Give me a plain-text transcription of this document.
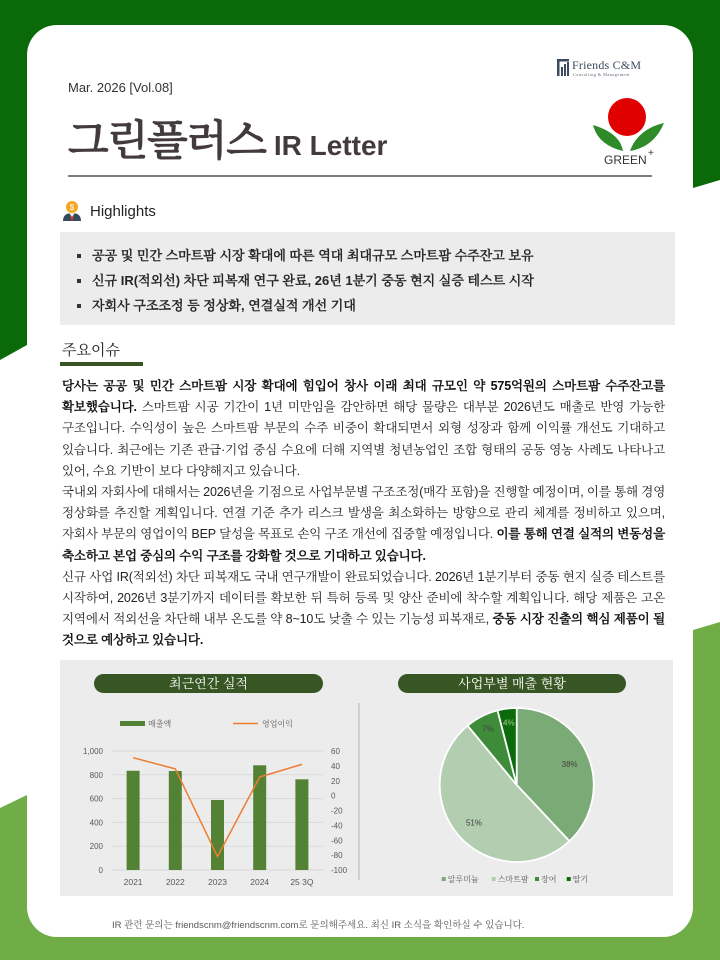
Mar. 2026 [Vol.08]
그린플러스 IR Letter
Friends C&M
Consulting & Management
GREEN +
$ Highlights
공공 및 민간 스마트팜 시장 확대에 따른 역대 최대규모 스마트팜 수주잔고 보유
신규 IR(적외선) 차단 피복재 연구 완료, 26년 1분기 중동 현지 실증 테스트 시작
자회사 구조조정 등 정상화, 연결실적 개선 기대
주요이슈
당사는 공공 및 민간 스마트팜 시장 확대에 힘입어 창사 이래 최대 규모인 약 575억원의 스마트팜 수주잔고를
확보했습니다. 스마트팜 시공 기간이 1년 미만임을 감안하면 해당 물량은 대부분 2026년도 매출로 반영 가능한
구조입니다. 수익성이 높은 스마트팜 부문의 수주 비중이 확대되면서 외형 성장과 함께 이익률 개선도 기대하고
있습니다. 최근에는 기존 관급·기업 중심 수요에 더해 지역별 청년농업인 조합 형태의 공동 영농 사례도 나타나고
있어, 수요 기반이 보다 다양해지고 있습니다.
국내외 자회사에 대해서는 2026년을 기점으로 사업부문별 구조조정(매각 포함)을 진행할 예정이며, 이를 통해 경영
정상화를 추진할 계획입니다. 연결 기준 추가 리스크 발생을 최소화하는 방향으로 관리 체계를 정비하고 있으며,
자회사 부문의 영업이익 BEP 달성을 목표로 손익 구조 개선에 집중할 예정입니다. 이를 통해 연결 실적의 변동성을
축소하고 본업 중심의 수익 구조를 강화할 것으로 기대하고 있습니다.
신규 사업 IR(적외선) 차단 피복재도 국내 연구개발이 완료되었습니다. 2026년 1분기부터 중동 현지 실증 테스트를
시작하여, 2026년 3분기까지 데이터를 확보한 뒤 특허 등록 및 양산 준비에 착수할 계획입니다. 해당 제품은 고온
지역에서 적외선을 차단해 내부 온도를 약 8~10도 낮출 수 있는 기능성 피복재로, 중동 시장 진출의 핵심 제품이 될
것으로 예상하고 있습니다.
0
200
400
600
800
1,000
-100
-80
-60
-40
-20
0
20
40
60
2021	2022	2023	2024 25 3Q
매출액	영업이익
38%
51%
7%
4%
알루미늄 스마트팜 장어 딸기
최근연간 실적	사업부별 매출 현황
IR 관련 문의는 friendscnm@friendscnm.com로 문의해주세요. 최신 IR 소식을 확인하실 수 있습니다.
